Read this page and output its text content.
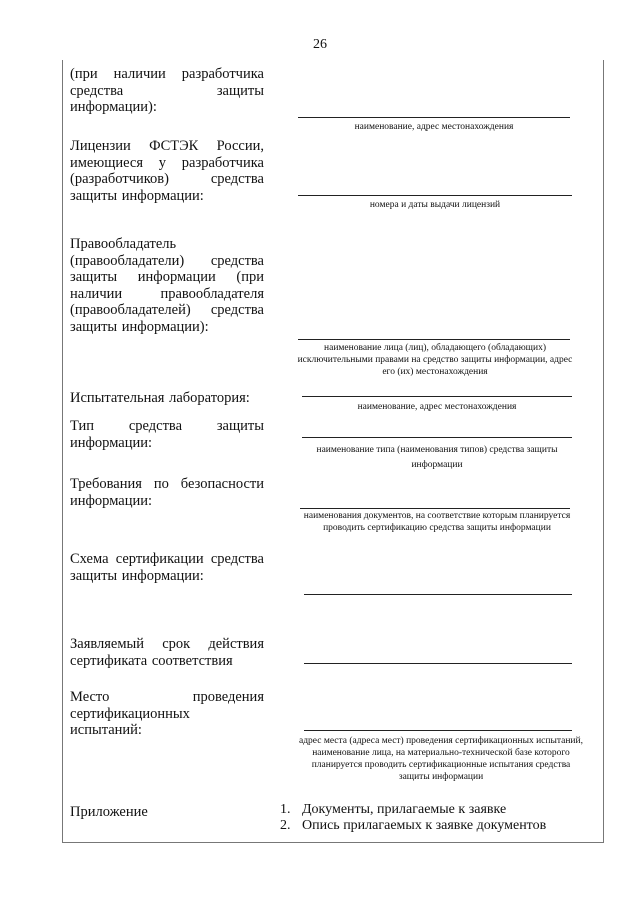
26
(при наличии разработчика средства защиты информации):
наименование, адрес местонахождения
Лицензии ФСТЭК России, имеющиеся у разработчика (разработчиков) средства защиты информации:
номера и даты выдачи лицензий
Правообладатель (правообладатели) средства защиты информации (при наличии правообладателя (правообладателей) средства защиты информации):
наименование лица (лиц), обладающего (обладающих)
исключительными правами на средство защиты информации, адрес
его (их) местонахождения
Испытательная лаборатория:
наименование, адрес местонахождения
Тип средства защиты информации:	наименование типа (наименования типов) средства защиты
информации
Требования по безопасности информации:
наименования документов, на соответствие которым планируется
проводить сертификацию средства защиты информации
Схема сертификации средства защиты информации:
Заявляемый срок действия сертификата соответствия
Место проведения сертификационных испытаний:
адрес места (адреса мест) проведения сертификационных испытаний,
наименование лица, на материально-технической базе которого
планируется проводить сертификационные испытания средства
защиты информации
Приложение	1. Документы, прилагаемые к заявке
2. Опись прилагаемых к заявке документов
